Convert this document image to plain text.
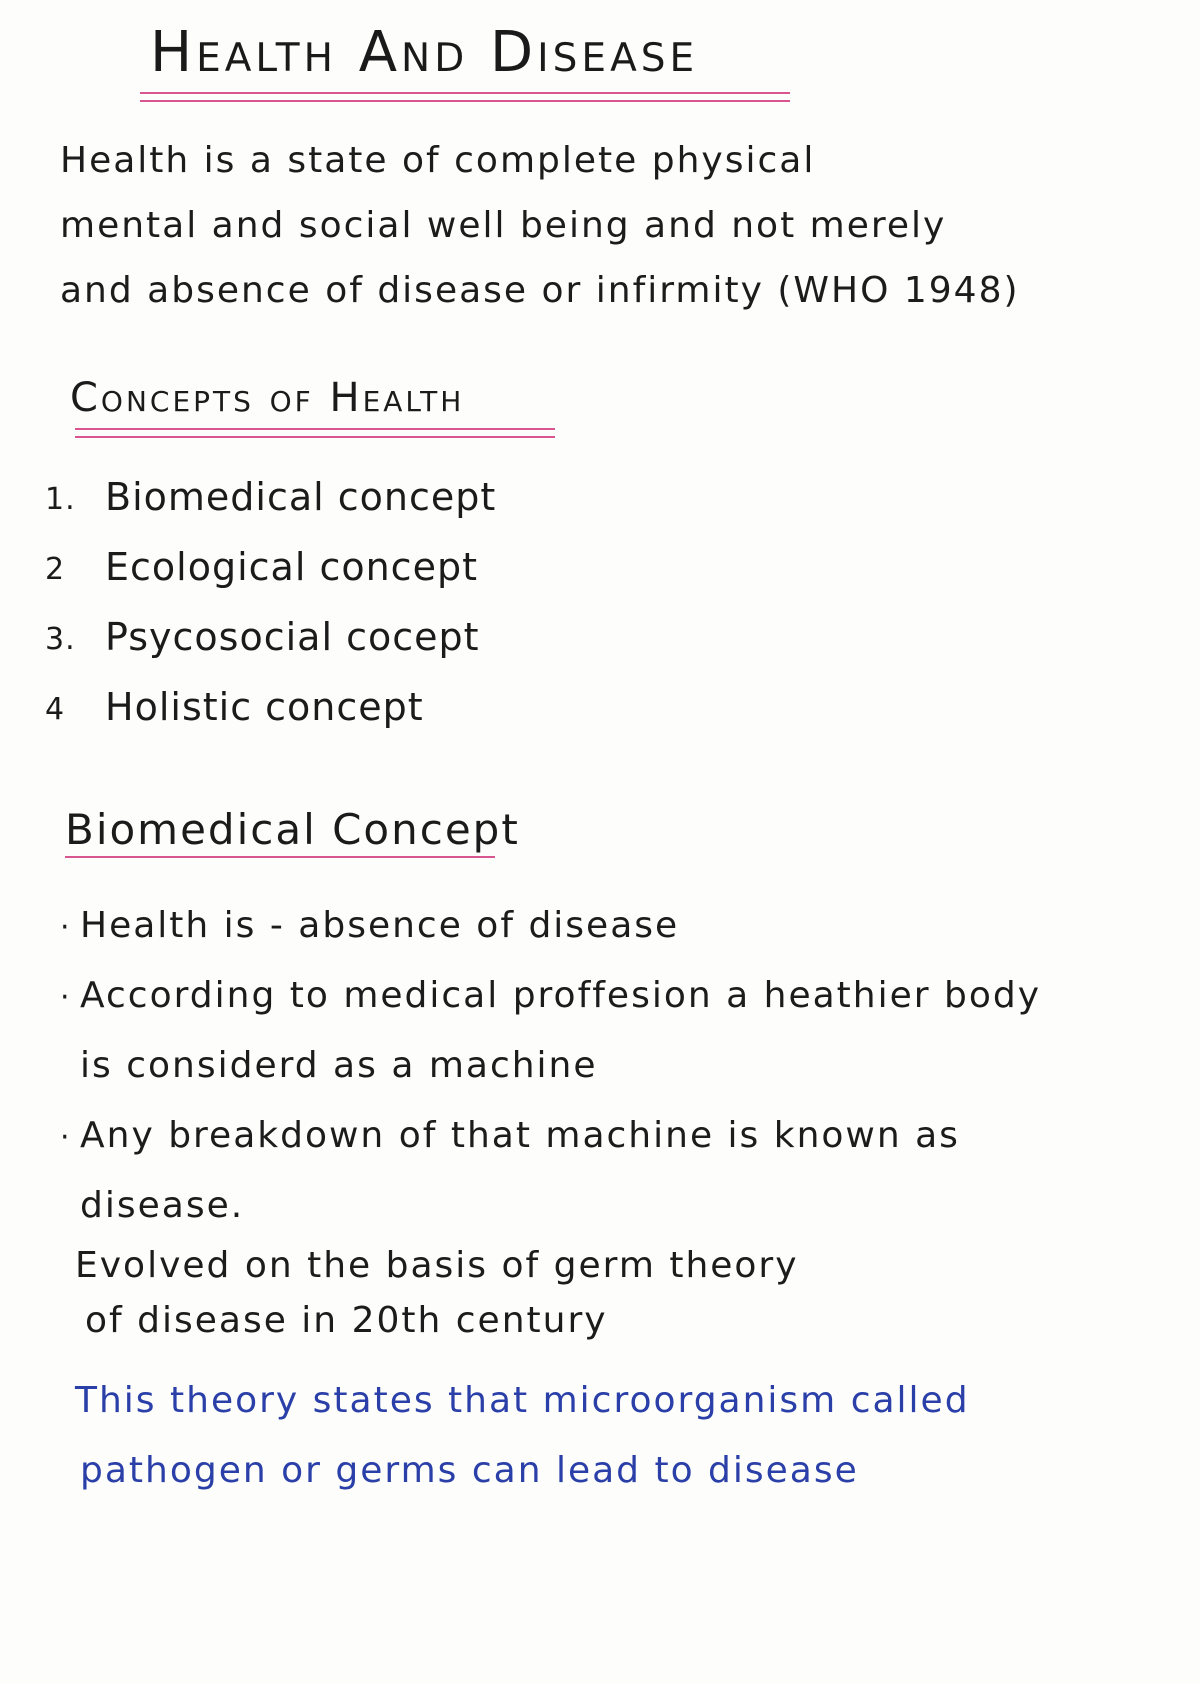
Health And Disease
Health is a state of complete physical
mental and social well being and not merely
and absence of disease or infirmity (WHO 1948)
Concepts of Health
1. Biomedical concept
2 Ecological concept
3. Psycosocial cocept
4 Holistic concept
Biomedical Concept
· Health is - absence of disease
· According to medical proffesion a heathier body
is considerd as a machine
· Any breakdown of that machine is known as
disease.
Evolved on the basis of germ theory
of disease in 20th century
This theory states that microorganism called
pathogen or germs can lead to disease
